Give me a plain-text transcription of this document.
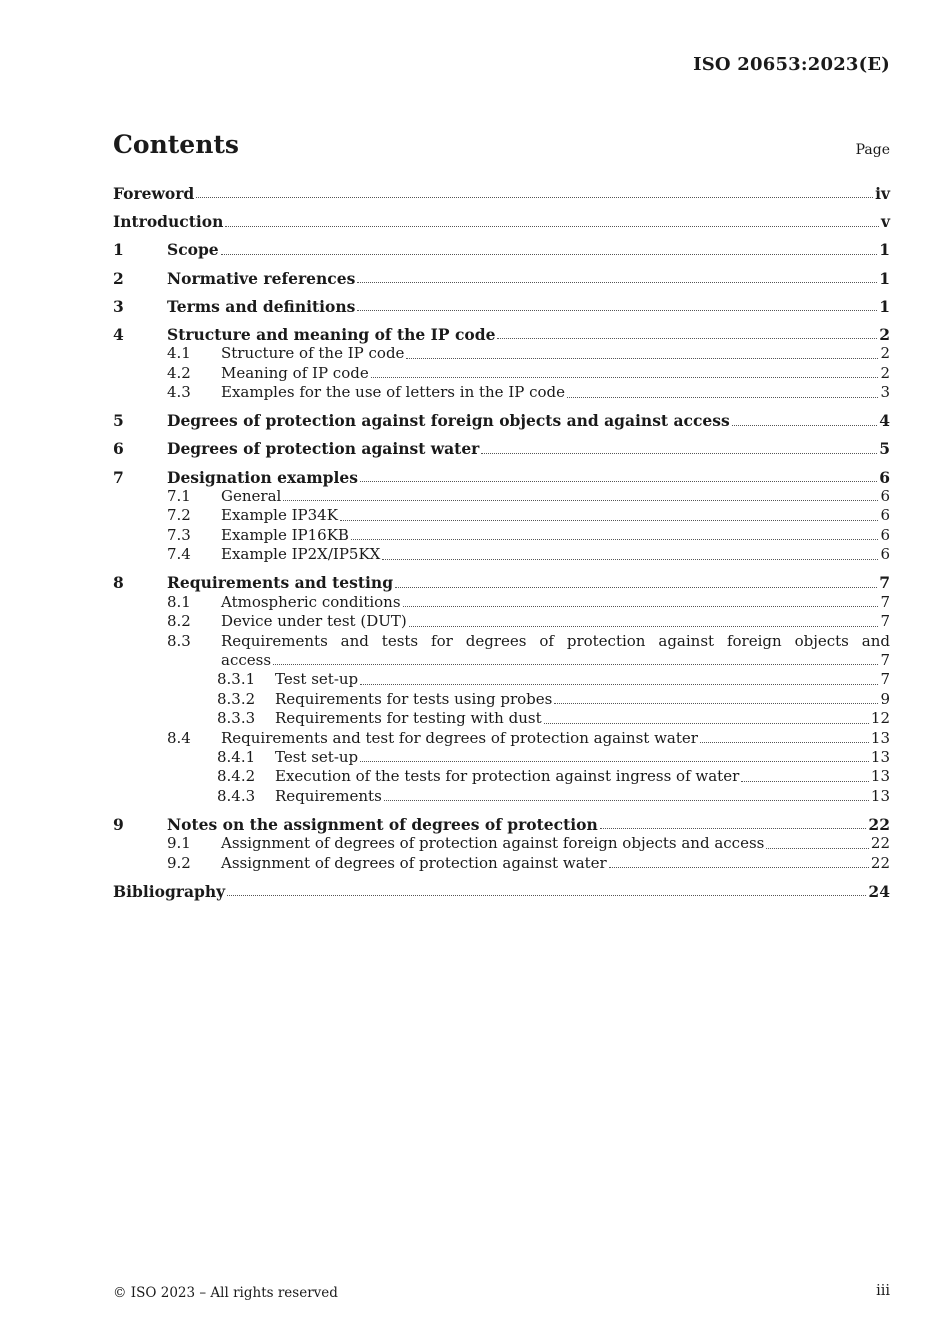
ISO 20653:2023(E)
Contents	Page
Foreword	iv
Introduction	v
1	Scope	1
2	Normative references	1
3	Terms and definitions	1
4	Structure and meaning of the IP code	2
4.1	Structure of the IP code	2
4.2	Meaning of IP code	2
4.3	Examples for the use of letters in the IP code	3
5	Degrees of protection against foreign objects and against access	4
6	Degrees of protection against water	5
7	Designation examples	6
7.1	General	6
7.2	Example IP34K	6
7.3	Example IP16KB	6
7.4	Example IP2X/IP5KX	6
8	Requirements and testing	7
8.1	Atmospheric conditions	7
8.2	Device under test (DUT)	7
8.3	Requirements and tests for degrees of protection against foreign objects and
access	7
8.3.1	Test set-up	7
8.3.2	Requirements for tests using probes	9
8.3.3	Requirements for testing with dust	12
8.4	Requirements and test for degrees of protection against water	13
8.4.1	Test set-up	13
8.4.2	Execution of the tests for protection against ingress of water	13
8.4.3	Requirements	13
9	Notes on the assignment of degrees of protection	22
9.1	Assignment of degrees of protection against foreign objects and access	22
9.2	Assignment of degrees of protection against water	22
Bibliography	24
© ISO 2023 – All rights reserved	iii
